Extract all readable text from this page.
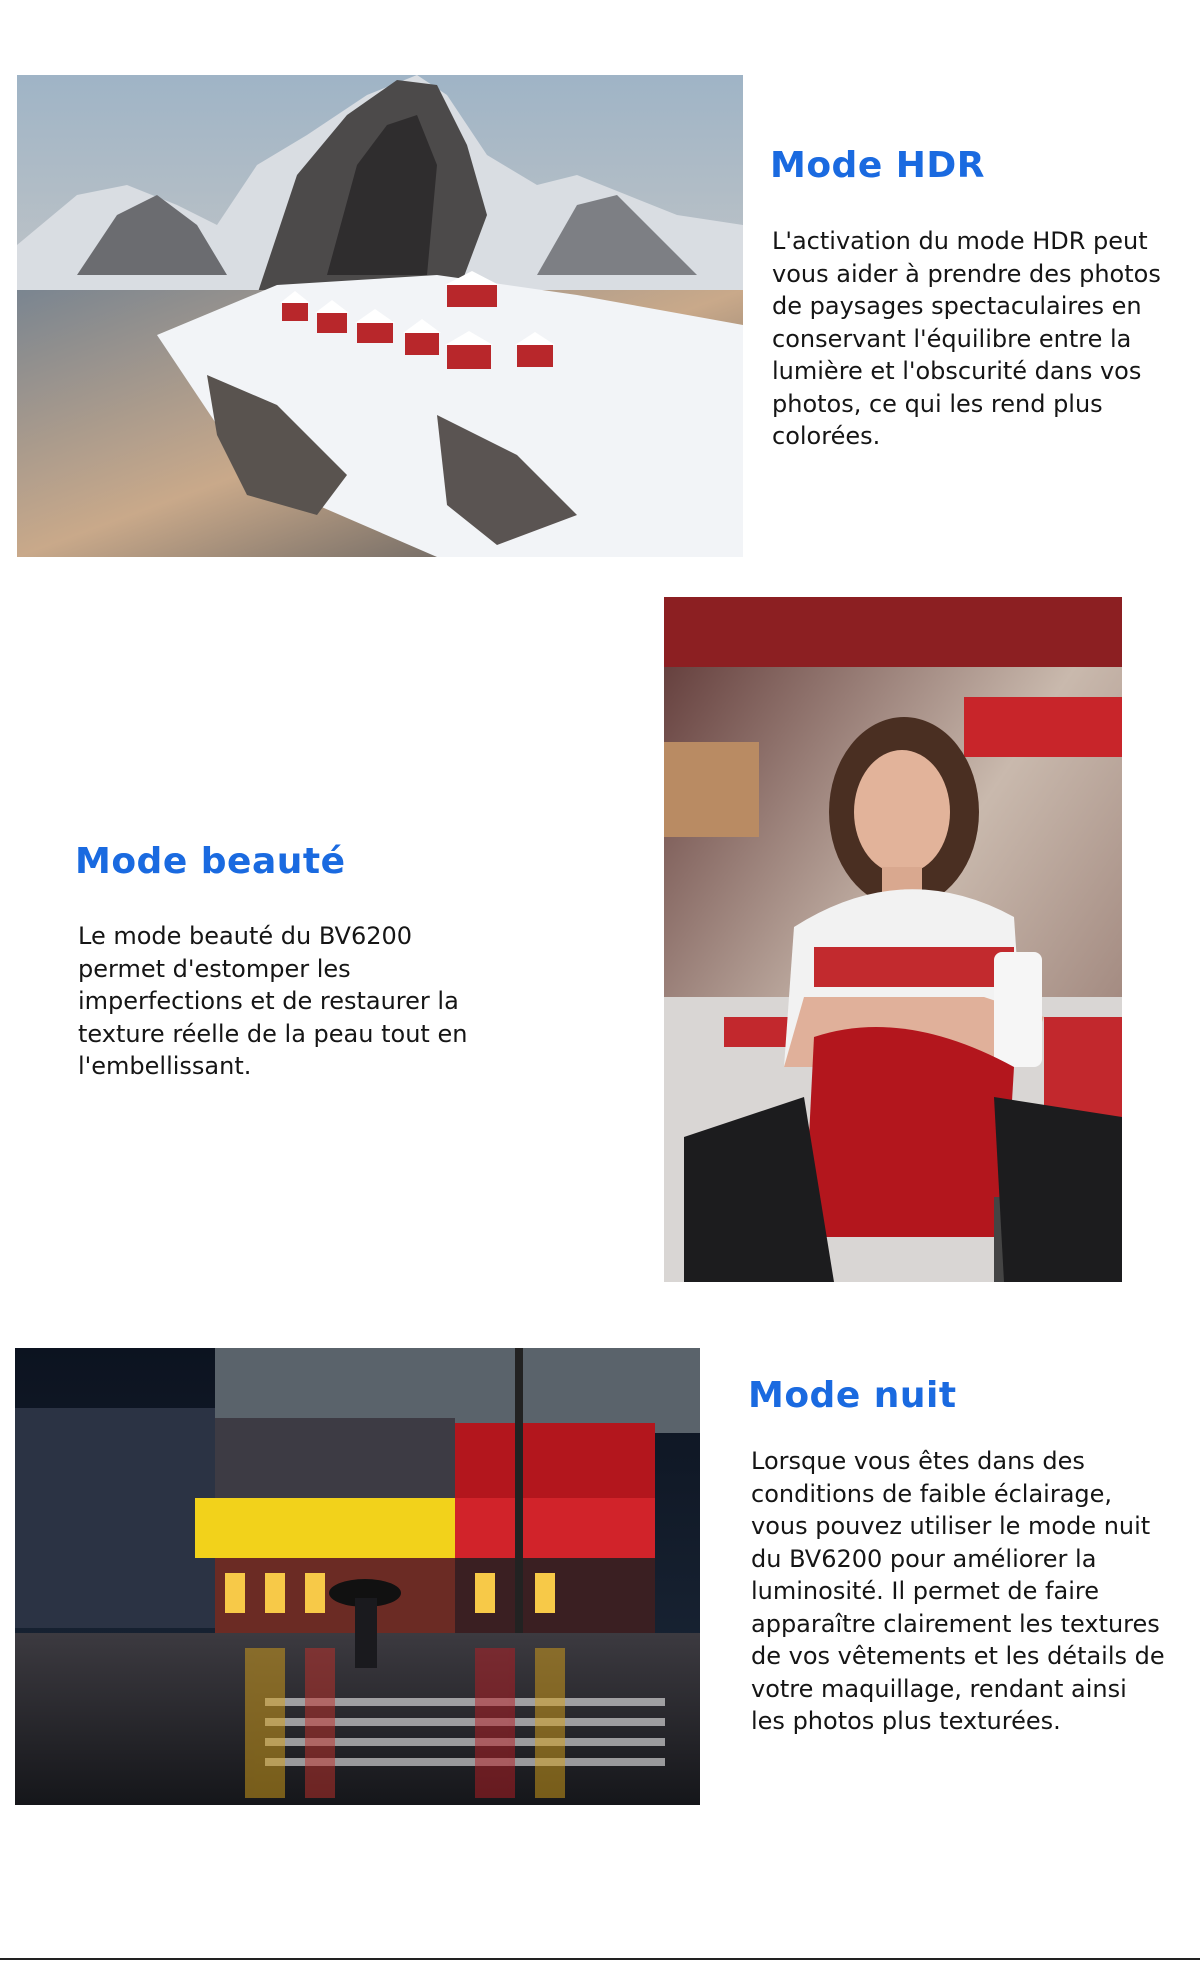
Mode HDR

L'activation du mode HDR peut vous aider à prendre des photos de paysages spectaculaires en conservant l'équilibre entre la lumière et l'obscurité dans vos photos, ce qui les rend plus colorées.

Mode beauté

Le mode beauté du BV6200 permet d'estomper les imperfections et de restaurer la texture réelle de la peau tout en l'embellissant.

Mode nuit

Lorsque vous êtes dans des conditions de faible éclairage, vous pouvez utiliser le mode nuit du BV6200 pour améliorer la luminosité. Il permet de faire apparaître clairement les textures de vos vêtements et les détails de votre maquillage, rendant ainsi les photos plus texturées.
